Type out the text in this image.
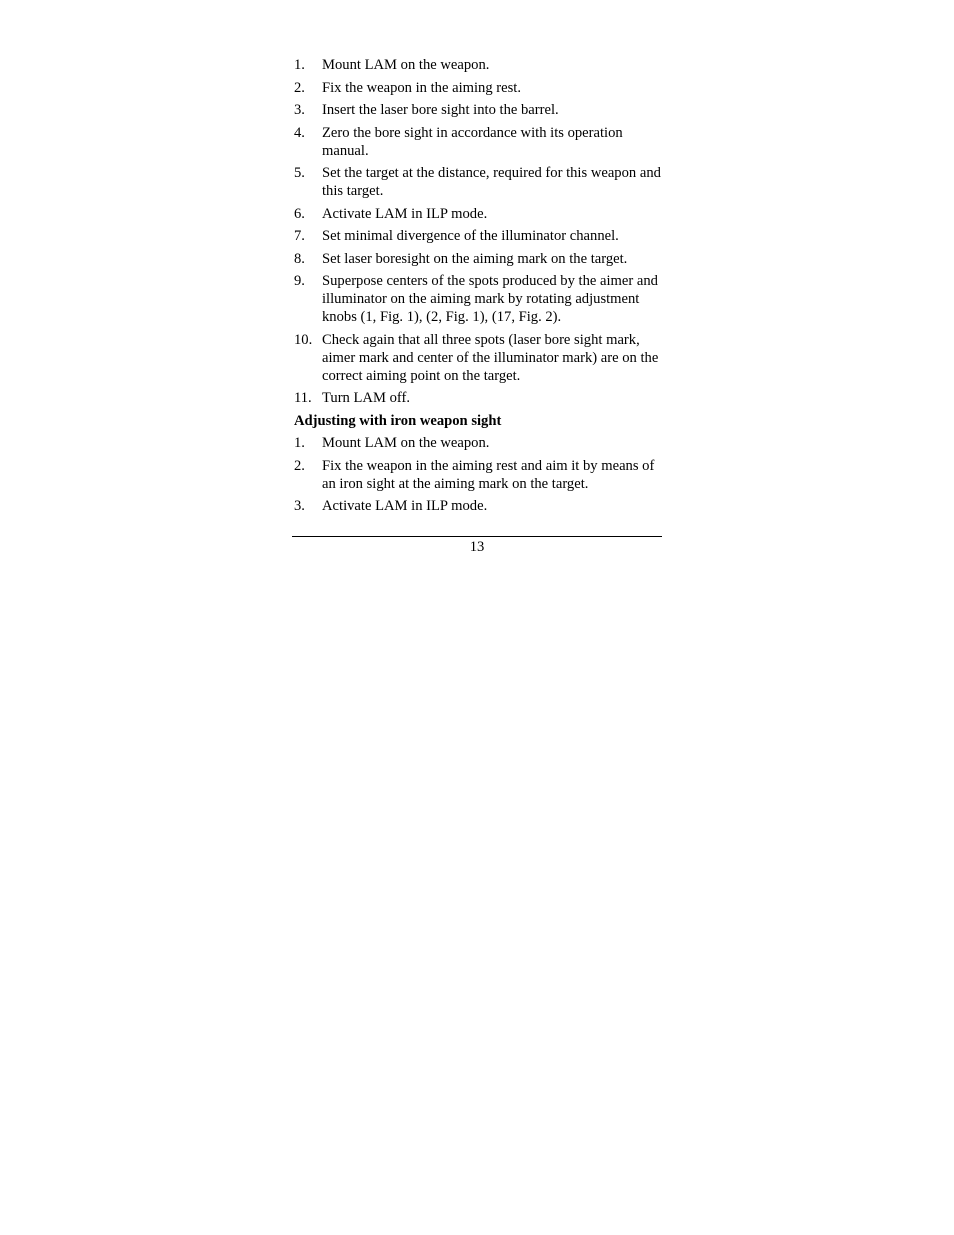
1.	Mount LAM on the weapon.
2.	Fix the weapon in the aiming rest.
3.	Insert the laser bore sight into the barrel.
4.	Zero the bore sight in accordance with its operation manual.
5.	Set the target at the distance, required for this weapon and this target.
6.	Activate LAM in ILP mode.
7.	Set minimal divergence of the illuminator channel.
8.	Set laser boresight on the aiming mark on the target.
9.	Superpose centers of the spots produced by the aimer and illuminator on the aiming mark by rotating adjustment knobs (1, Fig. 1), (2, Fig. 1), (17, Fig. 2).
10. Check again that all three spots (laser bore sight mark, aimer mark and center of the illuminator mark) are on the correct aiming point on the target.
11. Turn LAM off.
Adjusting with iron weapon sight
1.	Mount LAM on the weapon.
2.	Fix the weapon in the aiming rest and aim it by means of an iron sight at the aiming mark on the target.
3.	Activate LAM in ILP mode.
13
